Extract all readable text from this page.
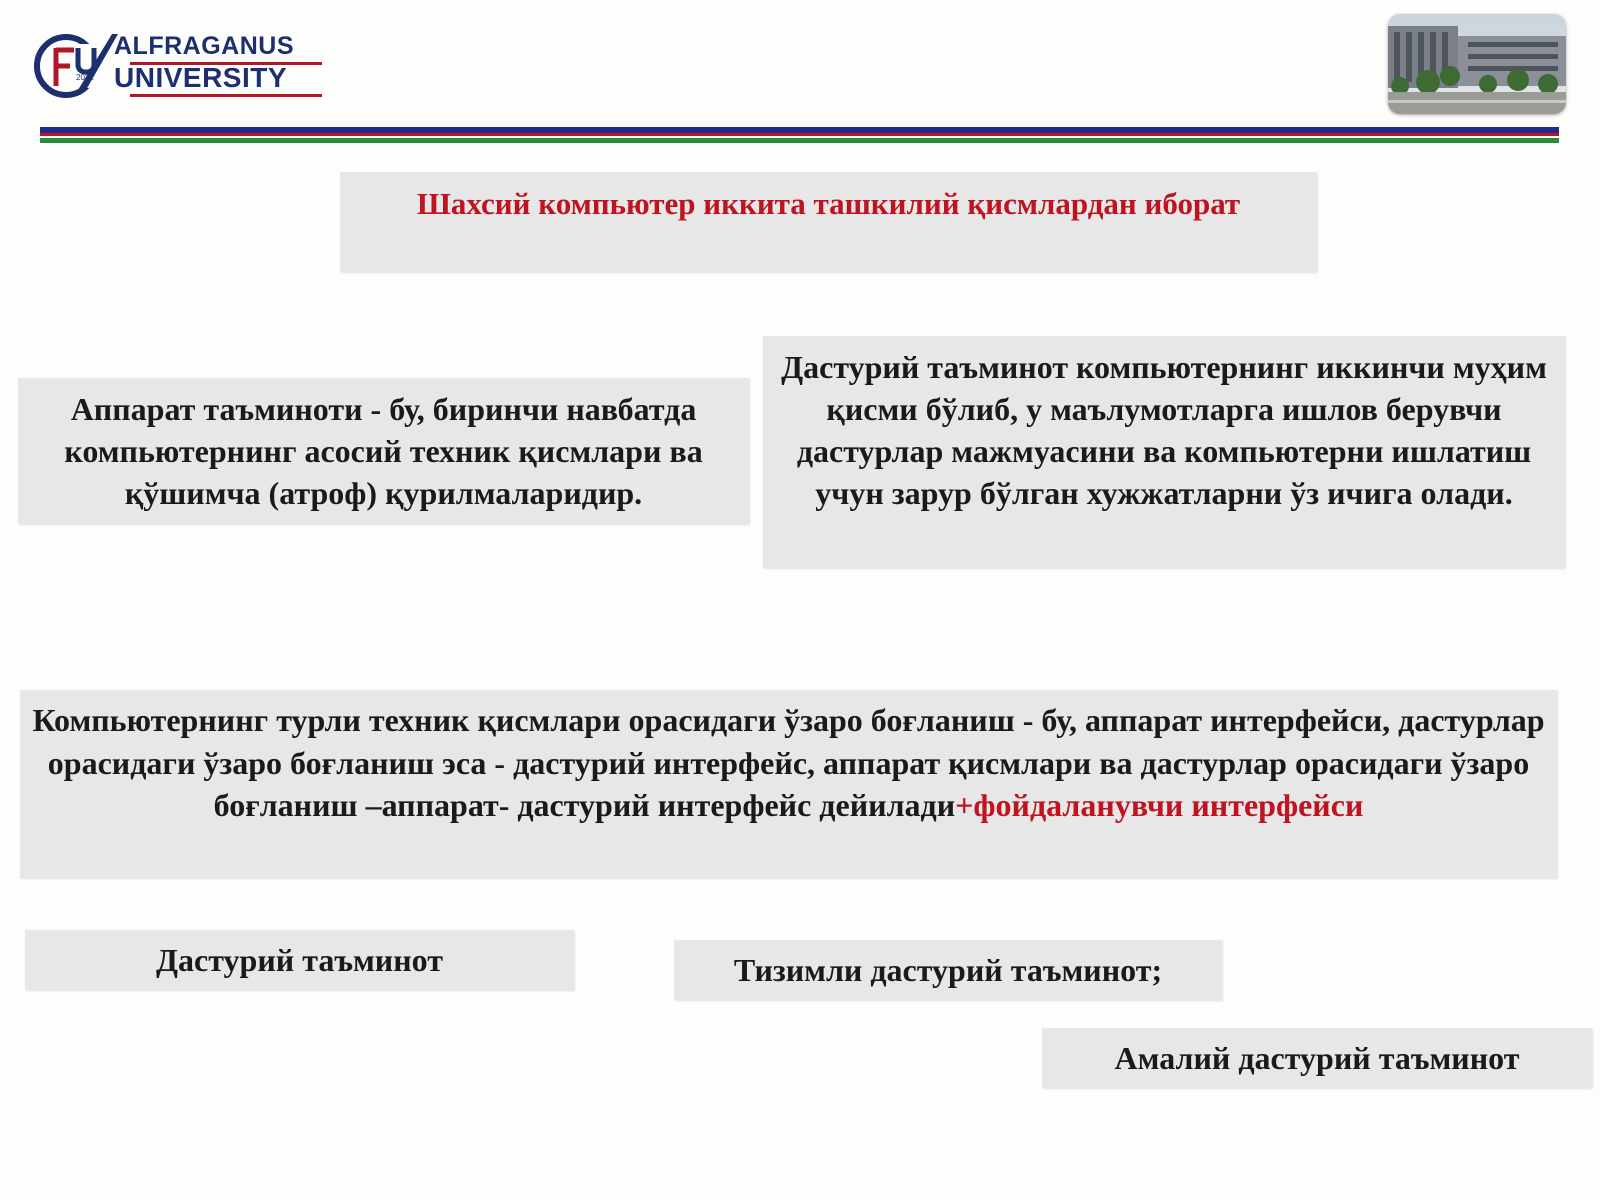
2022
ALFRAGANUS
UNIVERSITY
Шахсий компьютер иккита ташкилий қисмлардан иборат
Аппарат таъминоти - бу, биринчи навбатда компьютернинг асосий техник қисмлари ва қўшимча (атроф) қурилмаларидир.
Дастурий таъминот компьютернинг иккинчи муҳим қисми бўлиб, у маълумотларга ишлов берувчи дастурлар мажмуасини ва компьютерни ишлатиш учун зарур бўлган хужжатларни ўз ичига олади.
Компьютернинг турли техник қисмлари орасидаги ўзаро боғланиш - бу, аппарат интерфейси, дастурлар орасидаги ўзаро боғланиш эса - дастурий интерфейс, аппарат қисмлари ва дастурлар орасидаги ўзаро боғланиш –аппарат- дастурий интерфейс дейилади+фойдаланувчи интерфейси
Дастурий таъминот	Тизимли дастурий таъминот;
Амалий дастурий таъминот
